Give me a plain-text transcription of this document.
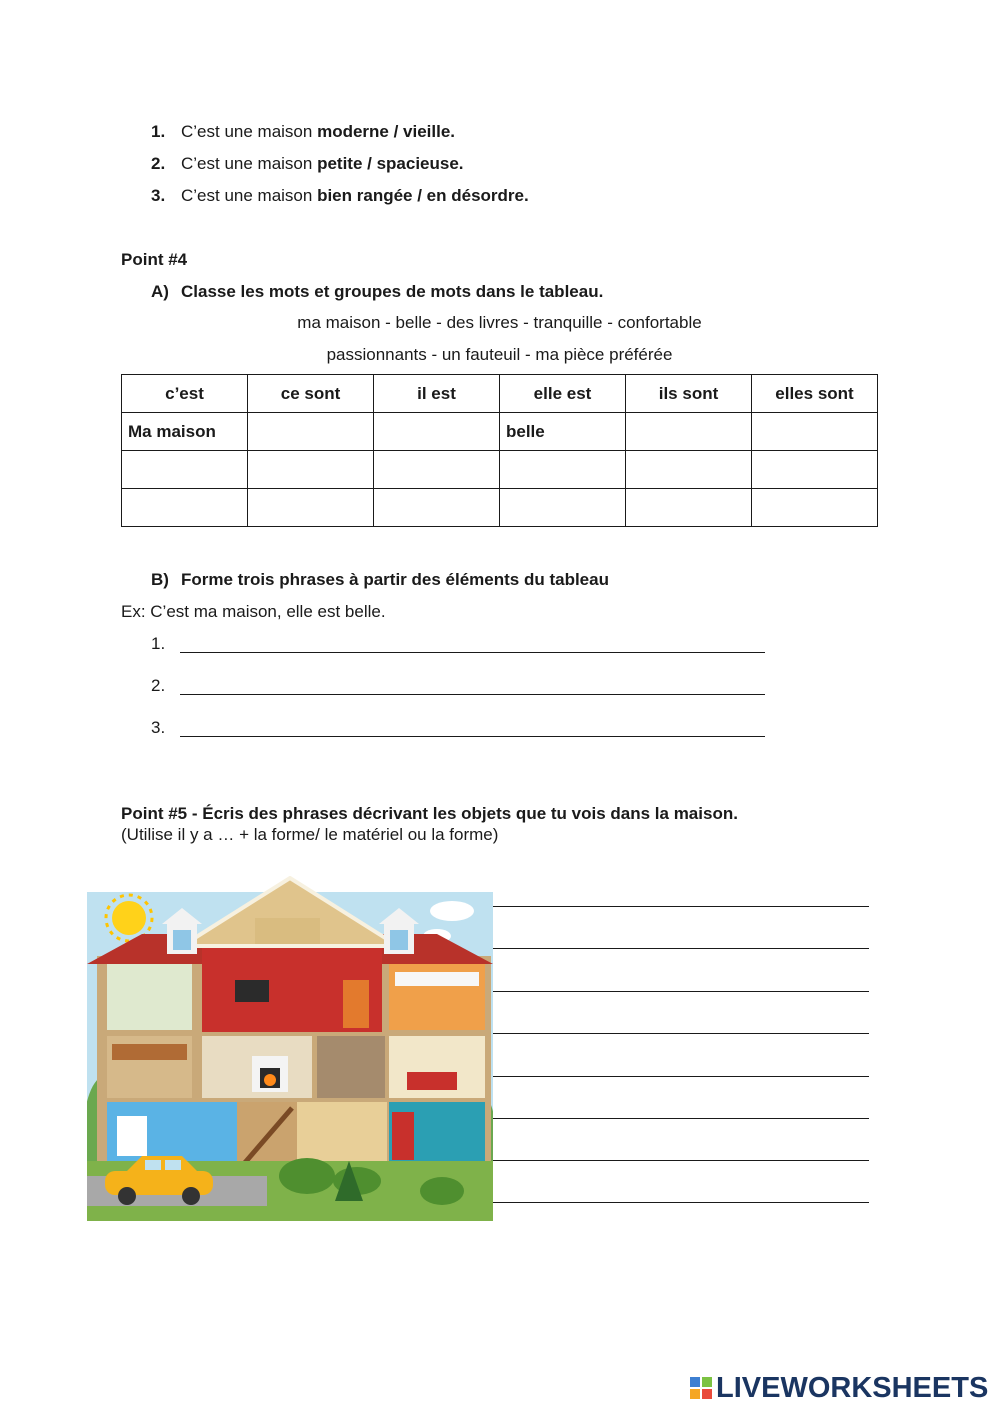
1. C’est une maison moderne / vieille.
2. C’est une maison petite / spacieuse.
3. C’est une maison bien rangée / en désordre.
Point #4
A) Classe les mots et groupes de mots dans le tableau.
ma maison - belle - des livres - tranquille - confortable
passionnants - un fauteuil - ma pièce préférée
c’est	ce sont	il est	elle est	ils sont	elles sont
Ma maison			belle		

B) Forme trois phrases à partir des éléments du tableau
Ex: C’est ma maison, elle est belle.
1.
2.
3.
Point #5 - Écris des phrases décrivant les objets que tu vois dans la maison.
(Utilise il y a … + la forme/ le matériel ou la forme)
LIVEWORKSHEETS
